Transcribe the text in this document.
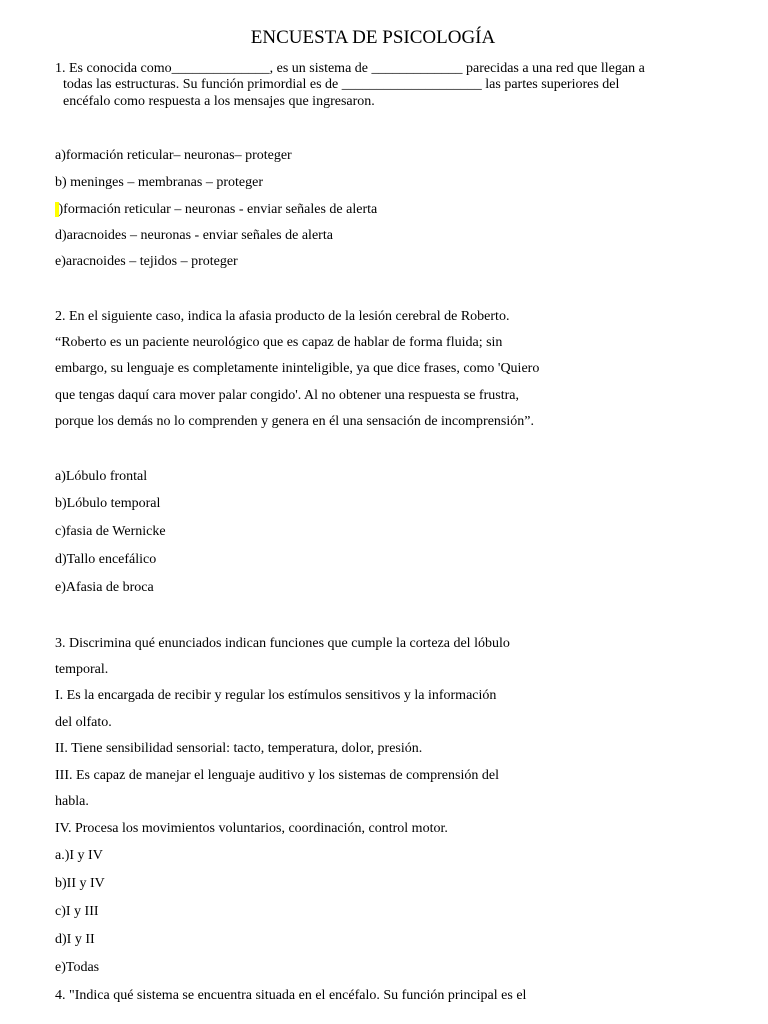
ENCUESTA DE PSICOLOGÍA
1. Es conocida como______________, es un sistema de _____________ parecidas a una red que llegan a
todas las estructuras. Su función primordial es de ____________________ las partes superiores del
encéfalo como respuesta a los mensajes que ingresaron.
a)formación reticular– neuronas– proteger
b) meninges – membranas – proteger
)formación reticular – neuronas - enviar señales de alerta
d)aracnoides – neuronas - enviar señales de alerta
e)aracnoides – tejidos – proteger
2. En el siguiente caso, indica la afasia producto de la lesión cerebral de Roberto.
“Roberto es un paciente neurológico que es capaz de hablar de forma fluida; sin
embargo, su lenguaje es completamente ininteligible, ya que dice frases, como 'Quiero
que tengas daquí cara mover palar congido'. Al no obtener una respuesta se frustra,
porque los demás no lo comprenden y genera en él una sensación de incomprensión”.
a)Lóbulo frontal
b)Lóbulo temporal
c)fasia de Wernicke
d)Tallo encefálico
e)Afasia de broca
3. Discrimina qué enunciados indican funciones que cumple la corteza del lóbulo
temporal.
I. Es la encargada de recibir y regular los estímulos sensitivos y la información
del olfato.
II. Tiene sensibilidad sensorial: tacto, temperatura, dolor, presión.
III. Es capaz de manejar el lenguaje auditivo y los sistemas de comprensión del
habla.
IV. Procesa los movimientos voluntarios, coordinación, control motor.
a.)I y IV
b)II y IV
c)I y III
d)I y II
e)Todas
4. "Indica qué sistema se encuentra situada en el encéfalo. Su función principal es el
